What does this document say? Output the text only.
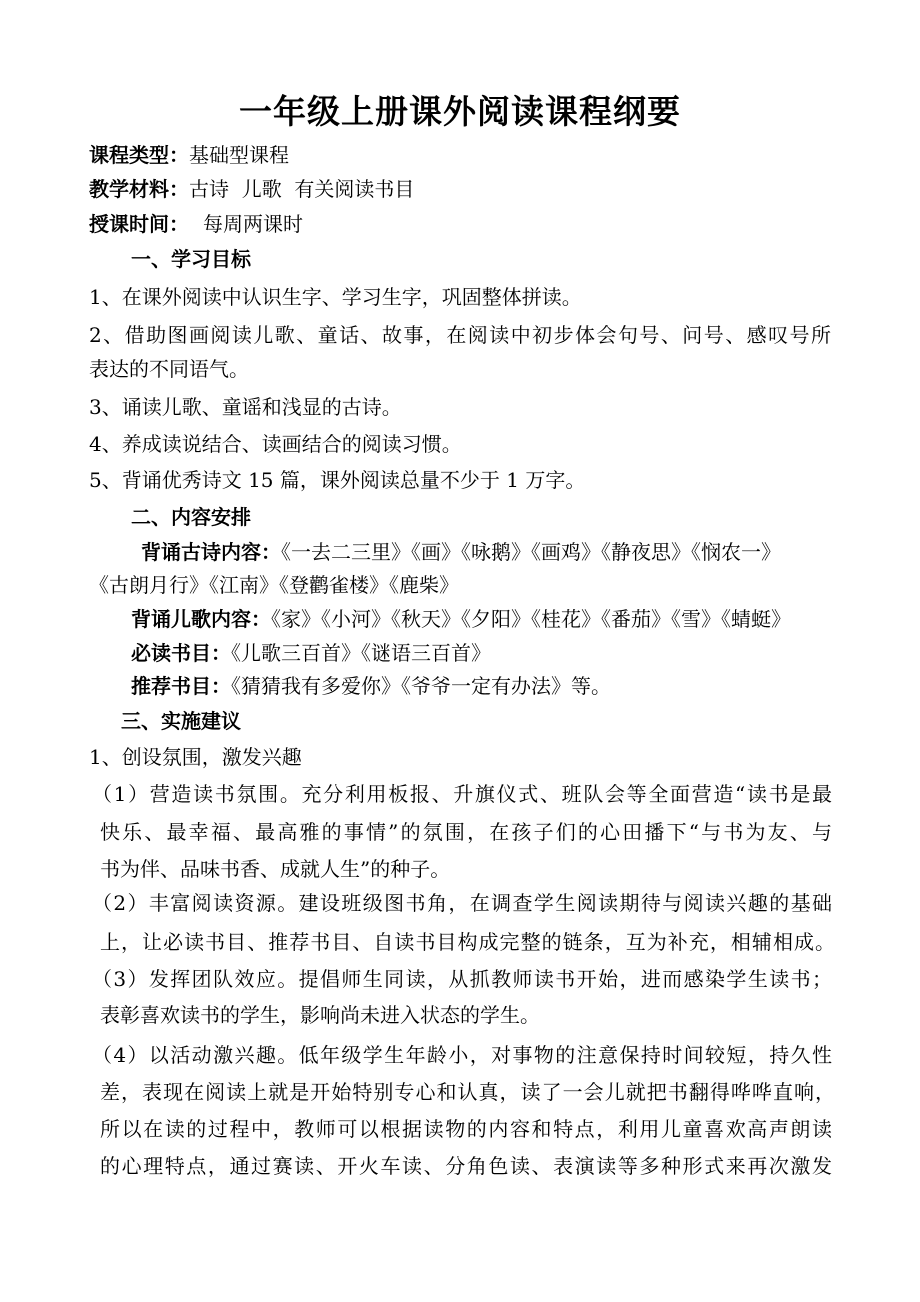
一年级上册课外阅读课程纲要
课程类型：基础型课程
教学材料：古诗  儿歌  有关阅读书目
授课时间： 每周两课时
一、学习目标
1、在课外阅读中认识生字、学习生字，巩固整体拼读。
2、借助图画阅读儿歌、童话、故事，在阅读中初步体会句号、问号、感叹号所
表达的不同语气。
3、诵读儿歌、童谣和浅显的古诗。
4、养成读说结合、读画结合的阅读习惯。
5、背诵优秀诗文 15 篇，课外阅读总量不少于 1 万字。
二、内容安排
背诵古诗内容：《一去二三里》《画》《咏鹅》《画鸡》《静夜思》《悯农一》
《古朗月行》《江南》《登鹳雀楼》《鹿柴》
背诵儿歌内容：《家》《小河》《秋天》《夕阳》《桂花》《番茄》《雪》《蜻蜓》
必读书目：《儿歌三百首》《谜语三百首》
推荐书目：《猜猜我有多爱你》《爷爷一定有办法》等。
三、实施建议
1、创设氛围，激发兴趣
（1）营造读书氛围。充分利用板报、升旗仪式、班队会等全面营造“读书是最
快乐、最幸福、最高雅的事情”的氛围，在孩子们的心田播下“与书为友、与
书为伴、品味书香、成就人生”的种子。
（2）丰富阅读资源。建设班级图书角，在调查学生阅读期待与阅读兴趣的基础
上，让必读书目、推荐书目、自读书目构成完整的链条，互为补充，相辅相成。
（3）发挥团队效应。提倡师生同读，从抓教师读书开始，进而感染学生读书；
表彰喜欢读书的学生，影响尚未进入状态的学生。
（4）以活动激兴趣。低年级学生年龄小，对事物的注意保持时间较短，持久性
差，表现在阅读上就是开始特别专心和认真，读了一会儿就把书翻得哗哗直响，
所以在读的过程中，教师可以根据读物的内容和特点，利用儿童喜欢高声朗读
的心理特点，通过赛读、开火车读、分角色读、表演读等多种形式来再次激发
